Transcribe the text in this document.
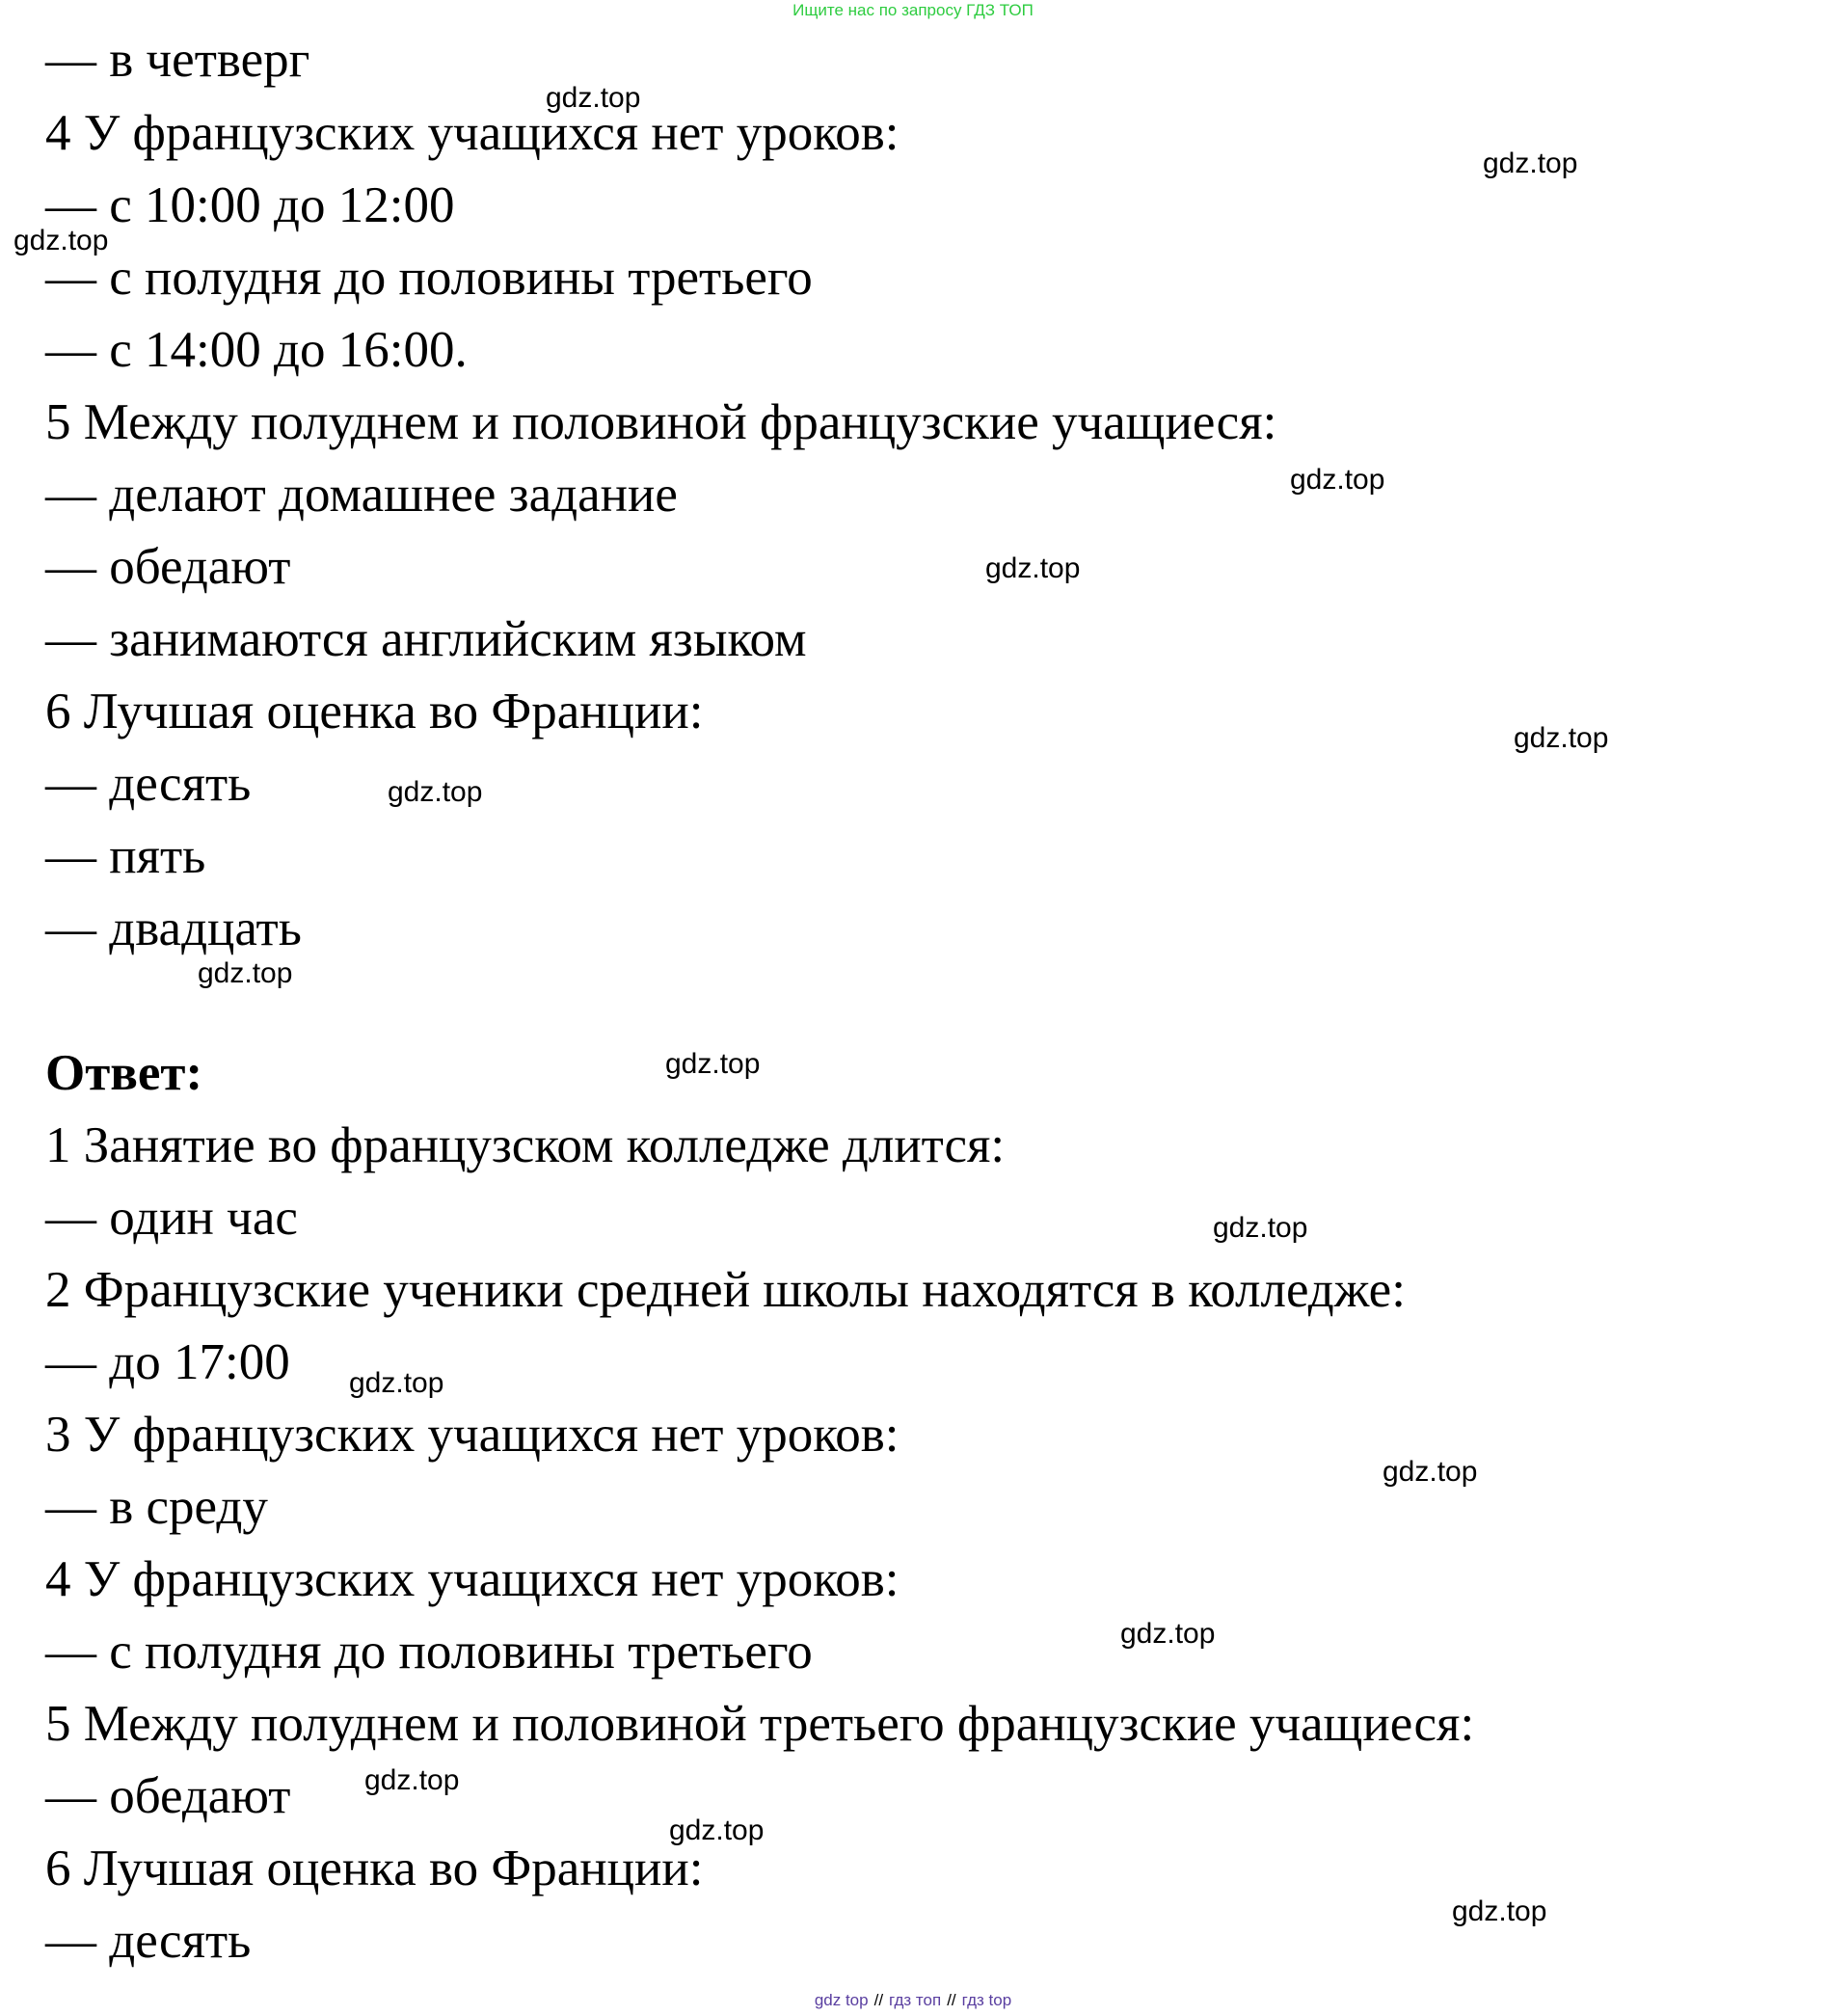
Ищите нас по запросу ГДЗ ТОП
— в четверг
4 У французских учащихся нет уроков:
— с 10:00 до 12:00
— с полудня до половины третьего
— с 14:00 до 16:00.
5 Между полуднем и половиной французские учащиеся:
— делают домашнее задание
— обедают
— занимаются английским языком
6 Лучшая оценка во Франции:
— десять
— пять
— двадцать
Ответ:
1 Занятие во французском колледже длится:
— один час
2 Французские ученики средней школы находятся в колледже:
— до 17:00
3 У французских учащихся нет уроков:
— в среду
4 У французских учащихся нет уроков:
— с полудня до половины третьего
5 Между полуднем и половиной третьего французские учащиеся:
— обедают
6 Лучшая оценка во Франции:
— десять
gdz.top
gdz.top
gdz.top
gdz.top
gdz.top
gdz.top
gdz.top
gdz.top
gdz.top
gdz.top
gdz.top
gdz.top
gdz.top
gdz.top
gdz.top
gdz.top
gdz top // гдз топ // гдз top
